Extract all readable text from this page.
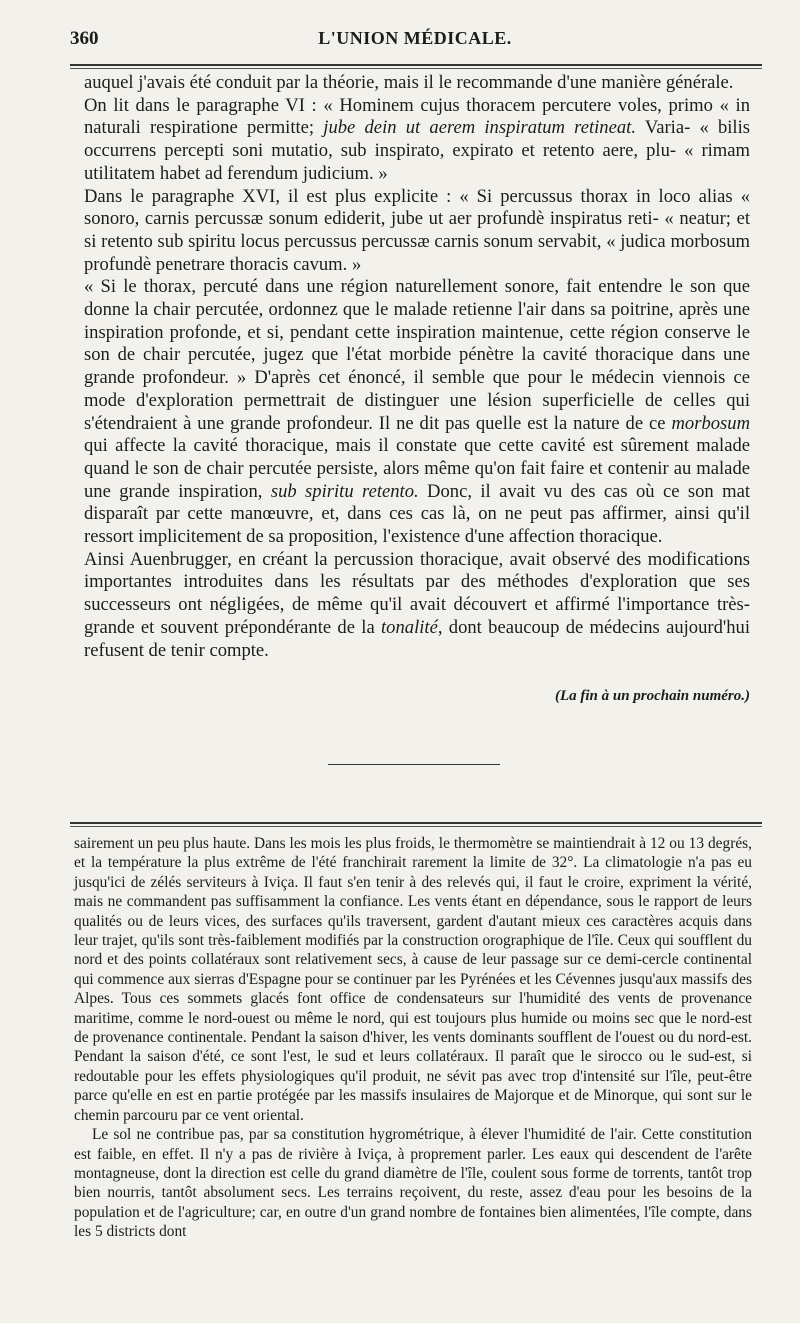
360	L'UNION MÉDICALE.

auquel j'avais été conduit par la théorie, mais il le recommande d'une manière générale.

On lit dans le paragraphe VI : « Hominem cujus thoracem percutere voles, primo « in naturali respiratione permitte; jube dein ut aerem inspiratum retineat. Varia- « bilis occurrens percepti soni mutatio, sub inspirato, expirato et retento aere, plu- « rimam utilitatem habet ad ferendum judicium. »

Dans le paragraphe XVI, il est plus explicite : « Si percussus thorax in loco alias « sonoro, carnis percussæ sonum ediderit, jube ut aer profundè inspiratus reti- « neatur; et si retento sub spiritu locus percussus percussæ carnis sonum servabit, « judica morbosum profundè penetrare thoracis cavum. »

« Si le thorax, percuté dans une région naturellement sonore, fait entendre le son que donne la chair percutée, ordonnez que le malade retienne l'air dans sa poitrine, après une inspiration profonde, et si, pendant cette inspiration maintenue, cette région conserve le son de chair percutée, jugez que l'état morbide pénètre la cavité thoracique dans une grande profondeur. » D'après cet énoncé, il semble que pour le médecin viennois ce mode d'exploration permettrait de distinguer une lésion superficielle de celles qui s'étendraient à une grande profondeur. Il ne dit pas quelle est la nature de ce morbosum qui affecte la cavité thoracique, mais il constate que cette cavité est sûrement malade quand le son de chair percutée persiste, alors même qu'on fait faire et contenir au malade une grande inspiration, sub spiritu retento. Donc, il avait vu des cas où ce son mat disparaît par cette manœuvre, et, dans ces cas là, on ne peut pas affirmer, ainsi qu'il ressort implicitement de sa proposition, l'existence d'une affection thoracique.

Ainsi Auenbrugger, en créant la percussion thoracique, avait observé des modifications importantes introduites dans les résultats par des méthodes d'exploration que ses successeurs ont négligées, de même qu'il avait découvert et affirmé l'importance très-grande et souvent prépondérante de la tonalité, dont beaucoup de médecins aujourd'hui refusent de tenir compte.

(La fin à un prochain numéro.)

sairement un peu plus haute. Dans les mois les plus froids, le thermomètre se maintiendrait à 12 ou 13 degrés, et la température la plus extrême de l'été franchirait rarement la limite de 32°. La climatologie n'a pas eu jusqu'ici de zélés serviteurs à Iviça. Il faut s'en tenir à des relevés qui, il faut le croire, expriment la vérité, mais ne commandent pas suffisamment la confiance. Les vents étant en dépendance, sous le rapport de leurs qualités ou de leurs vices, des surfaces qu'ils traversent, gardent d'autant mieux ces caractères acquis dans leur trajet, qu'ils sont très-faiblement modifiés par la construction orographique de l'île. Ceux qui soufflent du nord et des points collatéraux sont relativement secs, à cause de leur passage sur ce demi-cercle continental qui commence aux sierras d'Espagne pour se continuer par les Pyrénées et les Cévennes jusqu'aux massifs des Alpes. Tous ces sommets glacés font office de condensateurs sur l'humidité des vents de provenance maritime, comme le nord-ouest ou même le nord, qui est toujours plus humide ou moins sec que le nord-est de provenance continentale. Pendant la saison d'hiver, les vents dominants soufflent de l'ouest ou du nord-est. Pendant la saison d'été, ce sont l'est, le sud et leurs collatéraux. Il paraît que le sirocco ou le sud-est, si redoutable pour les effets physiologiques qu'il produit, ne sévit pas avec trop d'intensité sur l'île, peut-être parce qu'elle en est en partie protégée par les massifs insulaires de Majorque et de Minorque, qui sont sur le chemin parcouru par ce vent oriental.

Le sol ne contribue pas, par sa constitution hygrométrique, à élever l'humidité de l'air. Cette constitution est faible, en effet. Il n'y a pas de rivière à Iviça, à proprement parler. Les eaux qui descendent de l'arête montagneuse, dont la direction est celle du grand diamètre de l'île, coulent sous forme de torrents, tantôt trop bien nourris, tantôt absolument secs. Les terrains reçoivent, du reste, assez d'eau pour les besoins de la population et de l'agriculture; car, en outre d'un grand nombre de fontaines bien alimentées, l'île compte, dans les 5 districts dont
